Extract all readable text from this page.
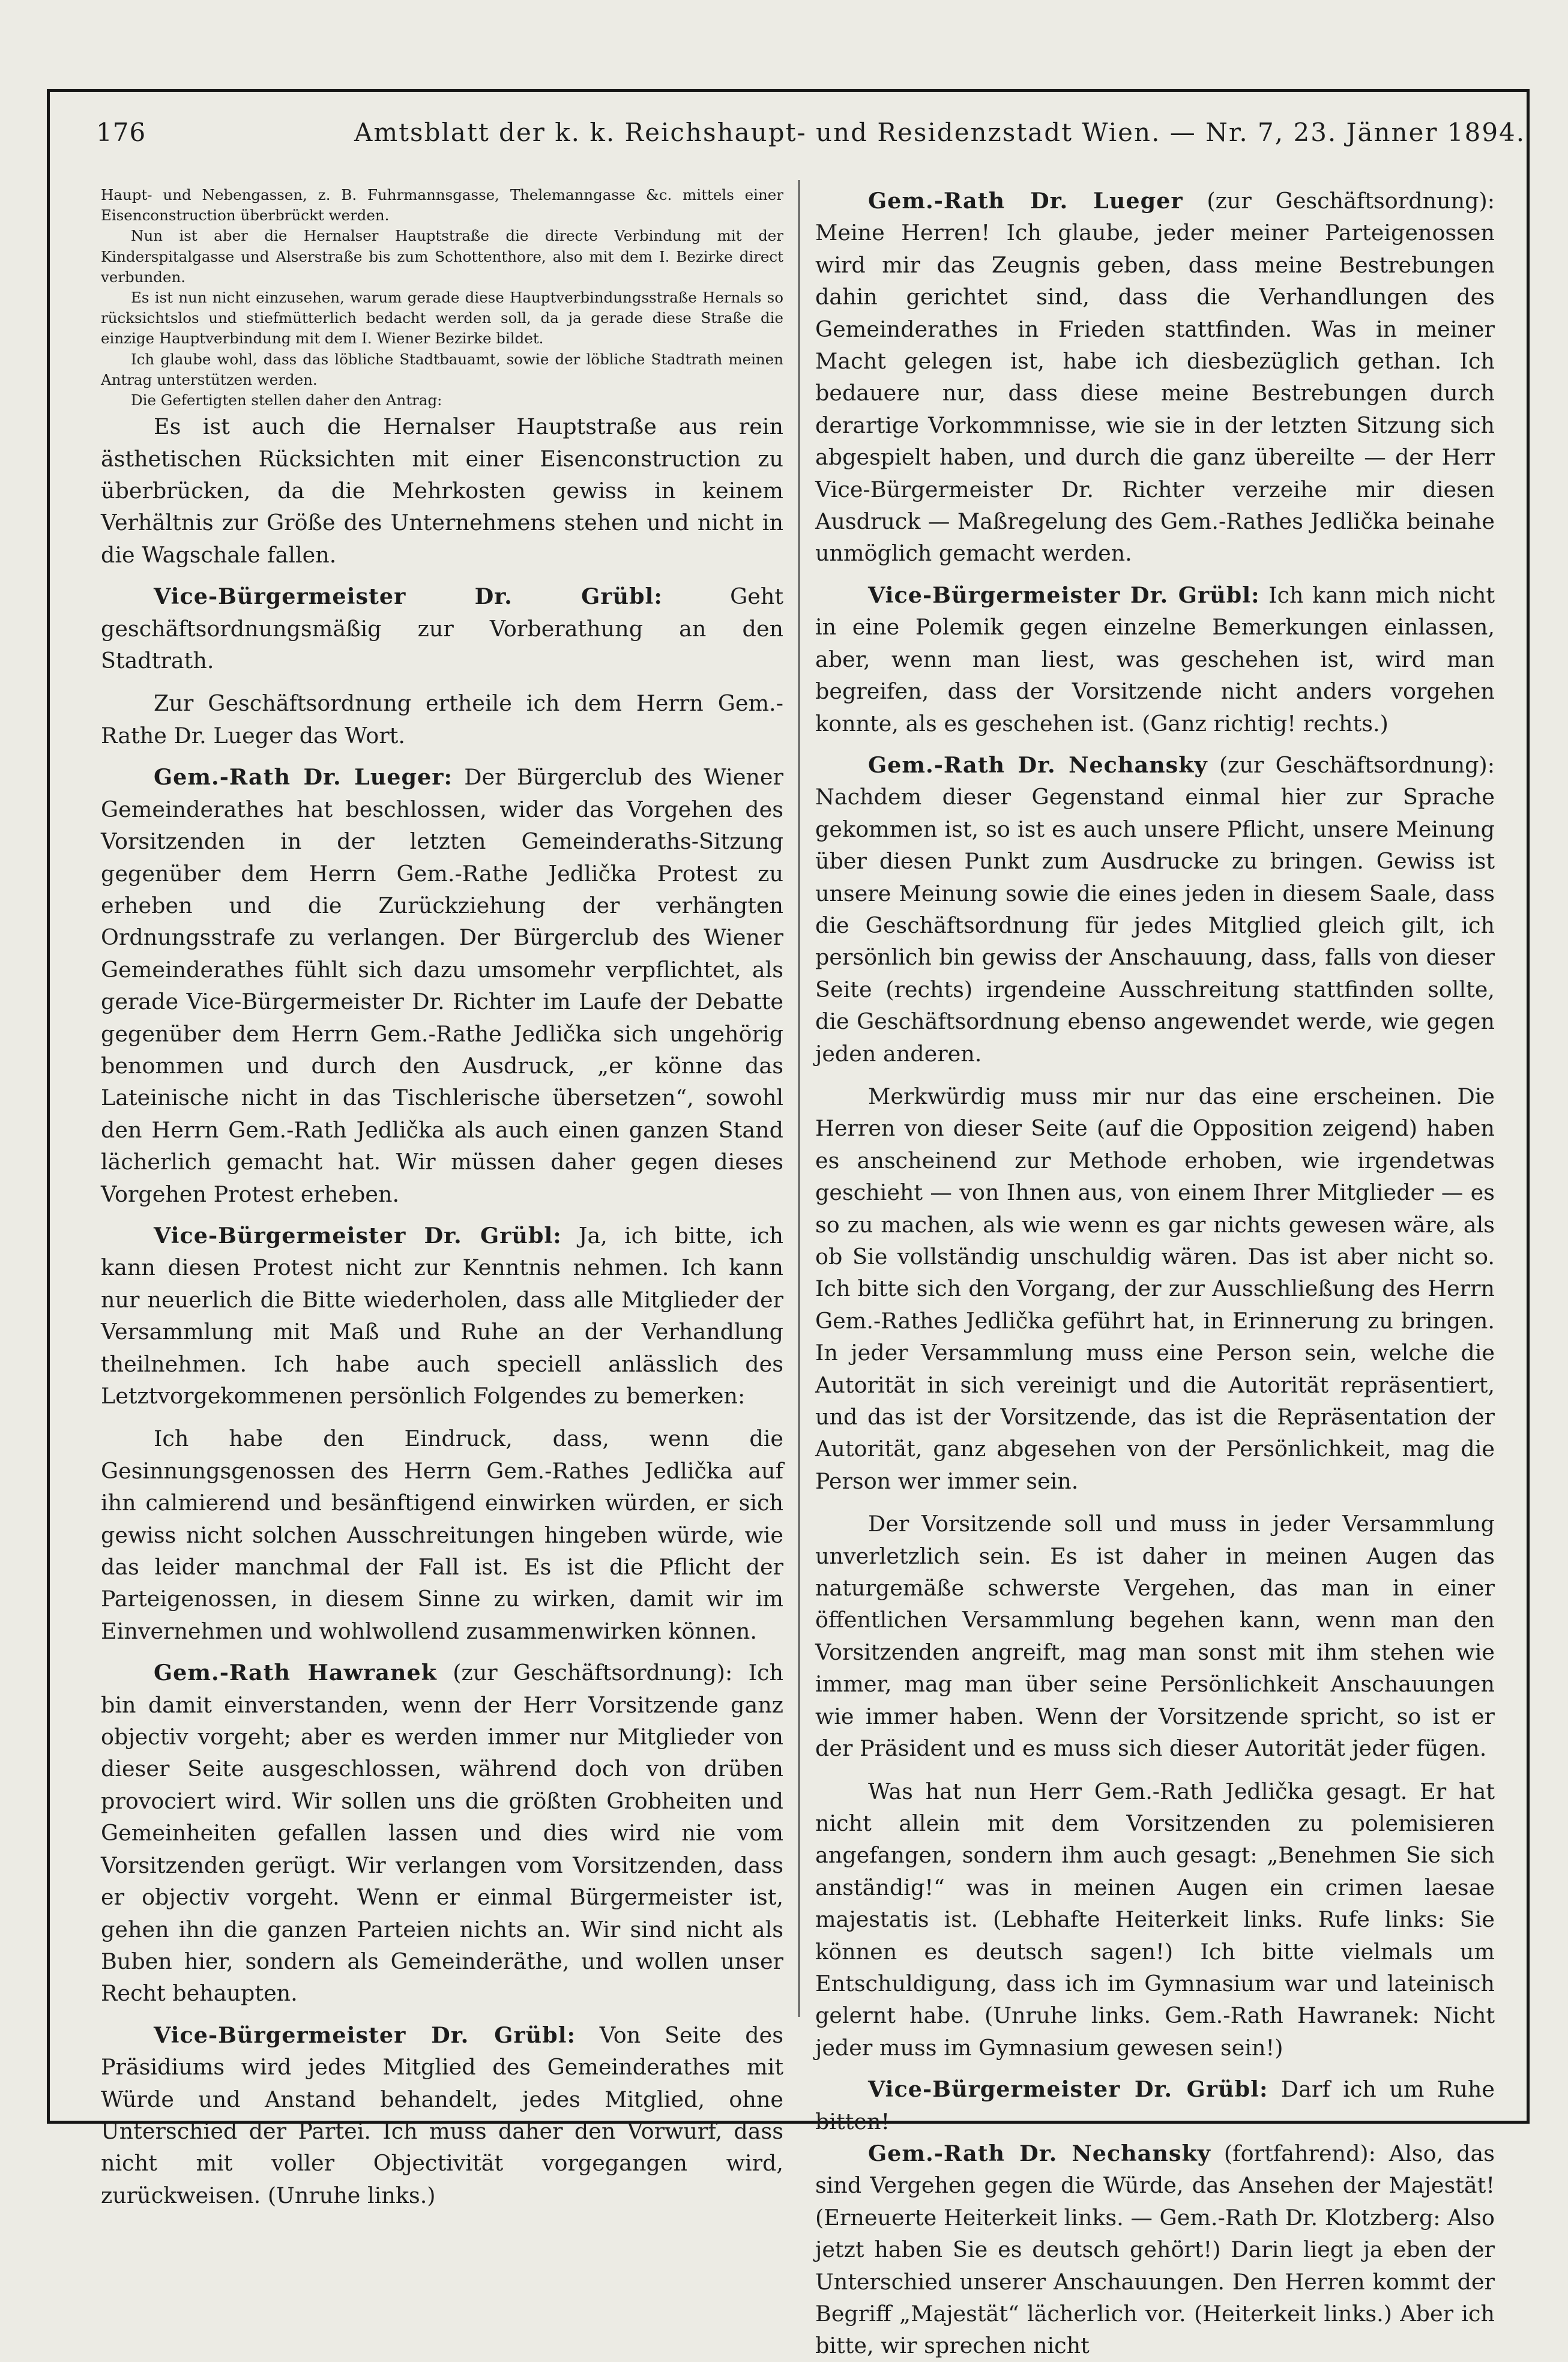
176	Amtsblatt der k. k. Reichshaupt- und Residenzstadt Wien. — Nr. 7, 23. Jänner 1894.

Haupt- und Nebengassen, z. B. Fuhrmannsgasse, Thelemanngasse &c. mittels einer Eisenconstruction überbrückt werden.

Nun ist aber die Hernalser Hauptstraße die directe Verbindung mit der Kinderspitalgasse und Alserstraße bis zum Schottenthore, also mit dem I. Bezirke direct verbunden.

Es ist nun nicht einzusehen, warum gerade diese Hauptverbindungsstraße Hernals so rücksichtslos und stiefmütterlich bedacht werden soll, da ja gerade diese Straße die einzige Hauptverbindung mit dem I. Wiener Bezirke bildet.

Ich glaube wohl, dass das löbliche Stadtbauamt, sowie der löbliche Stadtrath meinen Antrag unterstützen werden.

Die Gefertigten stellen daher den Antrag:

Es ist auch die Hernalser Hauptstraße aus rein ästhetischen Rücksichten mit einer Eisenconstruction zu überbrücken, da die Mehrkosten gewiss in keinem Verhältnis zur Größe des Unternehmens stehen und nicht in die Wagschale fallen.

Vice-Bürgermeister Dr. Grübl:	Geht geschäftsordnungsmäßig zur Vorberathung an den Stadtrath.

Zur Geschäftsordnung ertheile ich dem Herrn Gem.-Rathe Dr. Lueger das Wort.

Gem.-Rath Dr. Lueger: Der Bürgerclub des Wiener Gemeinderathes hat beschlossen, wider das Vorgehen des Vorsitzenden in der letzten Gemeinderaths-Sitzung gegenüber dem Herrn Gem.-Rathe Jedlička Protest zu erheben und die Zurückziehung der verhängten Ordnungsstrafe zu verlangen. Der Bürgerclub des Wiener Gemeinderathes fühlt sich dazu umsomehr verpflichtet, als gerade Vice-Bürgermeister Dr. Richter im Laufe der Debatte gegenüber dem Herrn Gem.-Rathe Jedlička sich ungehörig benommen und durch den Ausdruck, „er könne das Lateinische nicht in das Tischlerische übersetzen“, sowohl den Herrn Gem.-Rath Jedlička als auch einen ganzen Stand lächerlich gemacht hat. Wir müssen daher gegen dieses Vorgehen Protest erheben.

Vice-Bürgermeister Dr. Grübl: Ja, ich bitte, ich kann diesen Protest nicht zur Kenntnis nehmen. Ich kann nur neuerlich die Bitte wiederholen, dass alle Mitglieder der Versammlung mit Maß und Ruhe an der Verhandlung theilnehmen. Ich habe auch speciell anlässlich des Letztvorgekommenen persönlich Folgendes zu bemerken:

Ich habe den Eindruck, dass, wenn die Gesinnungsgenossen des Herrn Gem.-Rathes Jedlička auf ihn calmierend und besänftigend einwirken würden, er sich gewiss nicht solchen Ausschreitungen hingeben würde, wie das leider manchmal der Fall ist. Es ist die Pflicht der Parteigenossen, in diesem Sinne zu wirken, damit wir im Einvernehmen und wohlwollend zusammenwirken können.

Gem.-Rath Hawranek (zur Geschäftsordnung): Ich bin damit einverstanden, wenn der Herr Vorsitzende ganz objectiv vorgeht; aber es werden immer nur Mitglieder von dieser Seite ausgeschlossen, während doch von drüben provociert wird. Wir sollen uns die größten Grobheiten und Gemeinheiten gefallen lassen und dies wird nie vom Vorsitzenden gerügt. Wir verlangen vom Vorsitzenden, dass er objectiv vorgeht. Wenn er einmal Bürgermeister ist, gehen ihn die ganzen Parteien nichts an. Wir sind nicht als Buben hier, sondern als Gemeinderäthe, und wollen unser Recht behaupten.

Vice-Bürgermeister Dr. Grübl: Von Seite des Präsidiums wird jedes Mitglied des Gemeinderathes mit Würde und Anstand behandelt, jedes Mitglied, ohne Unterschied der Partei. Ich muss daher den Vorwurf, dass nicht mit voller Objectivität vorgegangen wird, zurückweisen. (Unruhe links.)

Gem.-Rath Dr. Lueger (zur Geschäftsordnung): Meine Herren! Ich glaube, jeder meiner Parteigenossen wird mir das Zeugnis geben, dass meine Bestrebungen dahin gerichtet sind, dass die Verhandlungen des Gemeinderathes in Frieden stattfinden. Was in meiner Macht gelegen ist, habe ich diesbezüglich gethan. Ich bedauere nur, dass diese meine Bestrebungen durch derartige Vorkommnisse, wie sie in der letzten Sitzung sich abgespielt haben, und durch die ganz übereilte — der Herr Vice-Bürgermeister Dr. Richter verzeihe mir diesen Ausdruck — Maßregelung des Gem.-Rathes Jedlička beinahe unmöglich gemacht werden.

Vice-Bürgermeister Dr. Grübl: Ich kann mich nicht in eine Polemik gegen einzelne Bemerkungen einlassen, aber, wenn man liest, was geschehen ist, wird man begreifen, dass der Vorsitzende nicht anders vorgehen konnte, als es geschehen ist. (Ganz richtig! rechts.)

Gem.-Rath Dr. Nechansky (zur Geschäftsordnung): Nachdem dieser Gegenstand einmal hier zur Sprache gekommen ist, so ist es auch unsere Pflicht, unsere Meinung über diesen Punkt zum Ausdrucke zu bringen. Gewiss ist unsere Meinung sowie die eines jeden in diesem Saale, dass die Geschäftsordnung für jedes Mitglied gleich gilt, ich persönlich bin gewiss der Anschauung, dass, falls von dieser Seite (rechts) irgendeine Ausschreitung stattfinden sollte, die Geschäftsordnung ebenso angewendet werde, wie gegen jeden anderen.

Merkwürdig muss mir nur das eine erscheinen. Die Herren von dieser Seite (auf die Opposition zeigend) haben es anscheinend zur Methode erhoben, wie irgendetwas geschieht — von Ihnen aus, von einem Ihrer Mitglieder — es so zu machen, als wie wenn es gar nichts gewesen wäre, als ob Sie vollständig unschuldig wären. Das ist aber nicht so. Ich bitte sich den Vorgang, der zur Ausschließung des Herrn Gem.-Rathes Jedlička geführt hat, in Erinnerung zu bringen. In jeder Versammlung muss eine Person sein, welche die Autorität in sich vereinigt und die Autorität repräsentiert, und das ist der Vorsitzende, das ist die Repräsentation der Autorität, ganz abgesehen von der Persönlichkeit, mag die Person wer immer sein.

Der Vorsitzende soll und muss in jeder Versammlung unverletzlich sein. Es ist daher in meinen Augen das naturgemäße schwerste Vergehen, das man in einer öffentlichen Versammlung begehen kann, wenn man den Vorsitzenden angreift, mag man sonst mit ihm stehen wie immer, mag man über seine Persönlichkeit Anschauungen wie immer haben. Wenn der Vorsitzende spricht, so ist er der Präsident und es muss sich dieser Autorität jeder fügen.

Was hat nun Herr Gem.-Rath Jedlička gesagt. Er hat nicht allein mit dem Vorsitzenden zu polemisieren angefangen, sondern ihm auch gesagt: „Benehmen Sie sich anständig!“ was in meinen Augen ein crimen laesae majestatis ist. (Lebhafte Heiterkeit links. Rufe links: Sie können es deutsch sagen!) Ich bitte vielmals um Entschuldigung, dass ich im Gymnasium war und lateinisch gelernt habe. (Unruhe links. Gem.-Rath Hawranek: Nicht jeder muss im Gymnasium gewesen sein!)

Vice-Bürgermeister Dr. Grübl: Darf ich um Ruhe bitten!

Gem.-Rath Dr. Nechansky (fortfahrend): Also, das sind Vergehen gegen die Würde, das Ansehen der Majestät! (Erneuerte Heiterkeit links. — Gem.-Rath Dr. Klotzberg: Also jetzt haben Sie es deutsch gehört!) Darin liegt ja eben der Unterschied unserer Anschauungen. Den Herren kommt der Begriff „Majestät“ lächerlich vor. (Heiterkeit links.) Aber ich bitte, wir sprechen nicht
